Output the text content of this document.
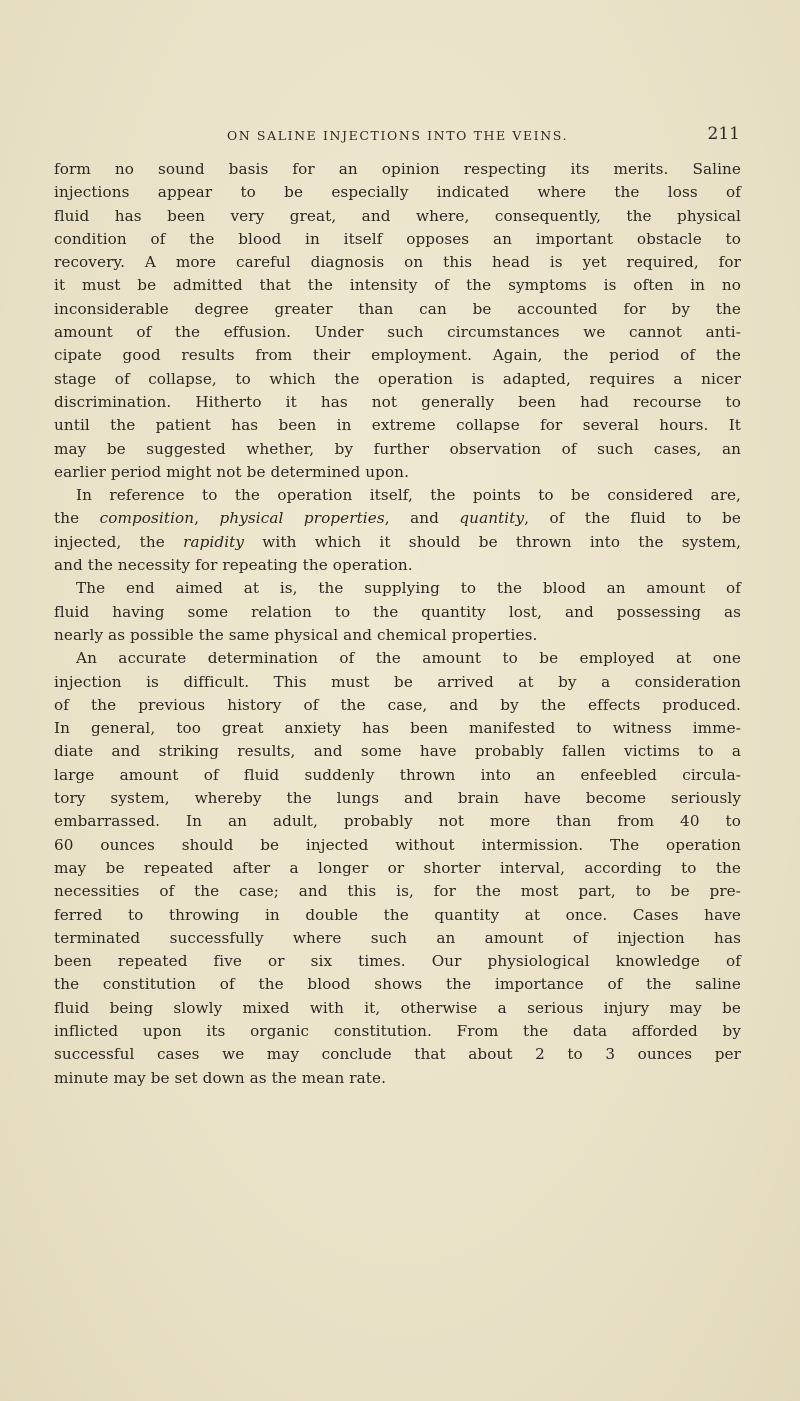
ON SALINE INJECTIONS INTO THE VEINS.	211
form no sound basis for an opinion respecting its merits. Saline
injections appear to be especially indicated where the loss of
fluid has been very great, and where, consequently, the physical
condition of the blood in itself opposes an important obstacle to
recovery. A more careful diagnosis on this head is yet required, for
it must be admitted that the intensity of the symptoms is often in no
inconsiderable degree greater than can be accounted for by the
amount of the effusion. Under such circumstances we cannot anti-
cipate good results from their employment. Again, the period of the
stage of collapse, to which the operation is adapted, requires a nicer
discrimination. Hitherto it has not generally been had recourse to
until the patient has been in extreme collapse for several hours. It
may be suggested whether, by further observation of such cases, an
earlier period might not be determined upon.
In reference to the operation itself, the points to be considered are,
the composition, physical properties, and quantity, of the fluid to be
injected, the rapidity with which it should be thrown into the system,
and the necessity for repeating the operation.
The end aimed at is, the supplying to the blood an amount of
fluid having some relation to the quantity lost, and possessing as
nearly as possible the same physical and chemical properties.
An accurate determination of the amount to be employed at one
injection is difficult. This must be arrived at by a consideration
of the previous history of the case, and by the effects produced.
In general, too great anxiety has been manifested to witness imme-
diate and striking results, and some have probably fallen victims to a
large amount of fluid suddenly thrown into an enfeebled circula-
tory system, whereby the lungs and brain have become seriously
embarrassed. In an adult, probably not more than from 40 to
60 ounces should be injected without intermission. The operation
may be repeated after a longer or shorter interval, according to the
necessities of the case; and this is, for the most part, to be pre-
ferred to throwing in double the quantity at once. Cases have
terminated successfully where such an amount of injection has
been repeated five or six times. Our physiological knowledge of
the constitution of the blood shows the importance of the saline
fluid being slowly mixed with it, otherwise a serious injury may be
inflicted upon its organic constitution. From the data afforded by
successful cases we may conclude that about 2 to 3 ounces per
minute may be set down as the mean rate.
